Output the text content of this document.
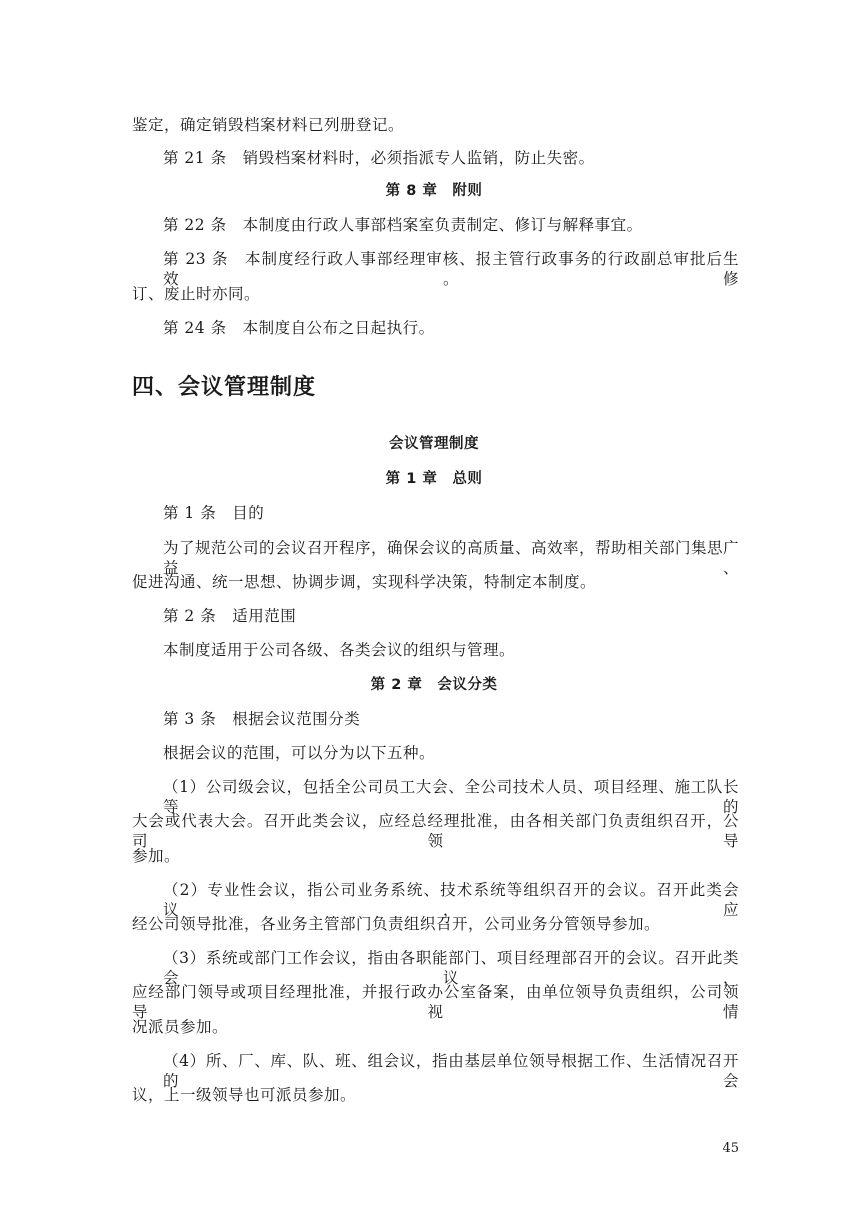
鉴定，确定销毁档案材料已列册登记。
第 21 条　销毁档案材料时，必须指派专人监销，防止失密。
第 8 章　附则
第 22 条　本制度由行政人事部档案室负责制定、修订与解释事宜。
第 23 条　本制度经行政人事部经理审核、报主管行政事务的行政副总审批后生效。修
订、废止时亦同。
第 24 条　本制度自公布之日起执行。
四、会议管理制度
会议管理制度
第 1 章　总则
第 1 条　目的
为了规范公司的会议召开程序，确保会议的高质量、高效率，帮助相关部门集思广益、
促进沟通、统一思想、协调步调，实现科学决策，特制定本制度。
第 2 条　适用范围
本制度适用于公司各级、各类会议的组织与管理。
第 2 章　会议分类
第 3 条　根据会议范围分类
根据会议的范围，可以分为以下五种。
（1）公司级会议，包括全公司员工大会、全公司技术人员、项目经理、施工队长等的
大会或代表大会。召开此类会议，应经总经理批准，由各相关部门负责组织召开，公司领导
参加。
（2）专业性会议，指公司业务系统、技术系统等组织召开的会议。召开此类会议，应
经公司领导批准，各业务主管部门负责组织召开，公司业务分管领导参加。
（3）系统或部门工作会议，指由各职能部门、项目经理部召开的会议。召开此类会议，
应经部门领导或项目经理批准，并报行政办公室备案，由单位领导负责组织，公司领导视情
况派员参加。
（4）所、厂、库、队、班、组会议，指由基层单位领导根据工作、生活情况召开的会
议，上一级领导也可派员参加。
45
